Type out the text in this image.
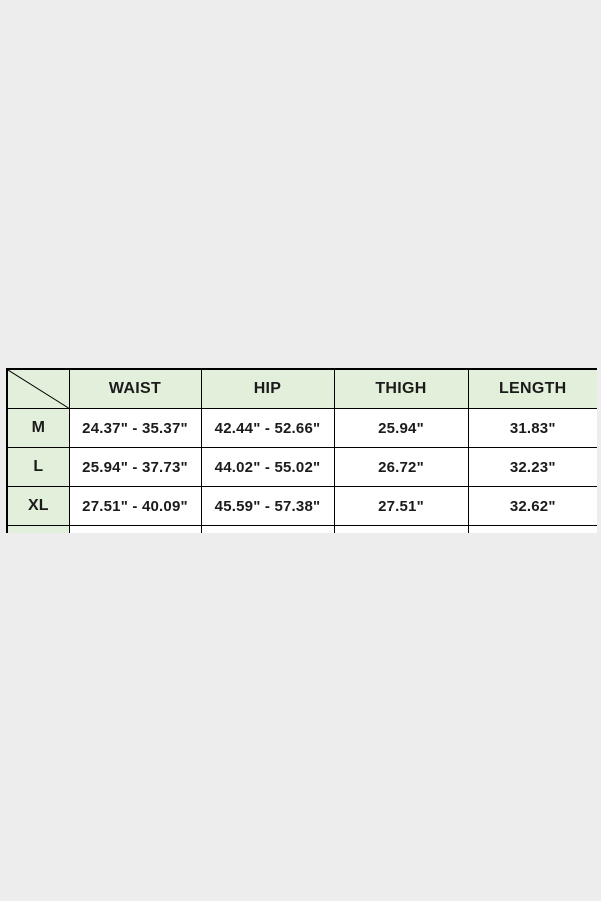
	WAIST	HIP	THIGH	LENGTH
M	24.37" - 35.37"	42.44" - 52.66"	25.94"	31.83"
L	25.94" - 37.73"	44.02" - 55.02"	26.72"	32.23"
XL	27.51" - 40.09"	45.59" - 57.38"	27.51"	32.62"
